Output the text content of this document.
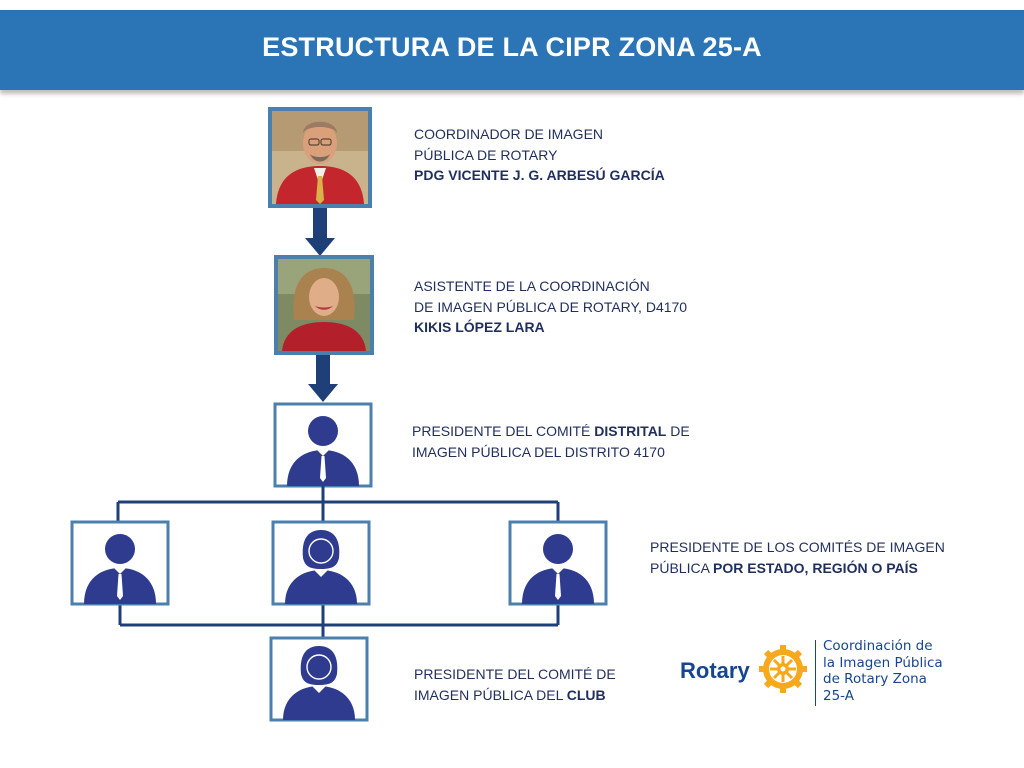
ESTRUCTURA DE LA CIPR ZONA 25-A
COORDINADOR DE IMAGEN
PÚBLICA DE ROTARY
PDG VICENTE J. G. ARBESÚ GARCÍA
ASISTENTE DE LA COORDINACIÓN
DE IMAGEN PÚBLICA DE ROTARY, D4170
KIKIS LÓPEZ LARA
PRESIDENTE DEL COMITÉ DISTRITAL DE
IMAGEN PÚBLICA DEL DISTRITO 4170
PRESIDENTE DE LOS COMITÉS DE IMAGEN
PÚBLICA POR ESTADO, REGIÓN O PAÍS
PRESIDENTE DEL COMITÉ DE
IMAGEN PÚBLICA DEL CLUB
Rotary
Coordinación de
la Imagen Pública
de Rotary Zona
25-A
